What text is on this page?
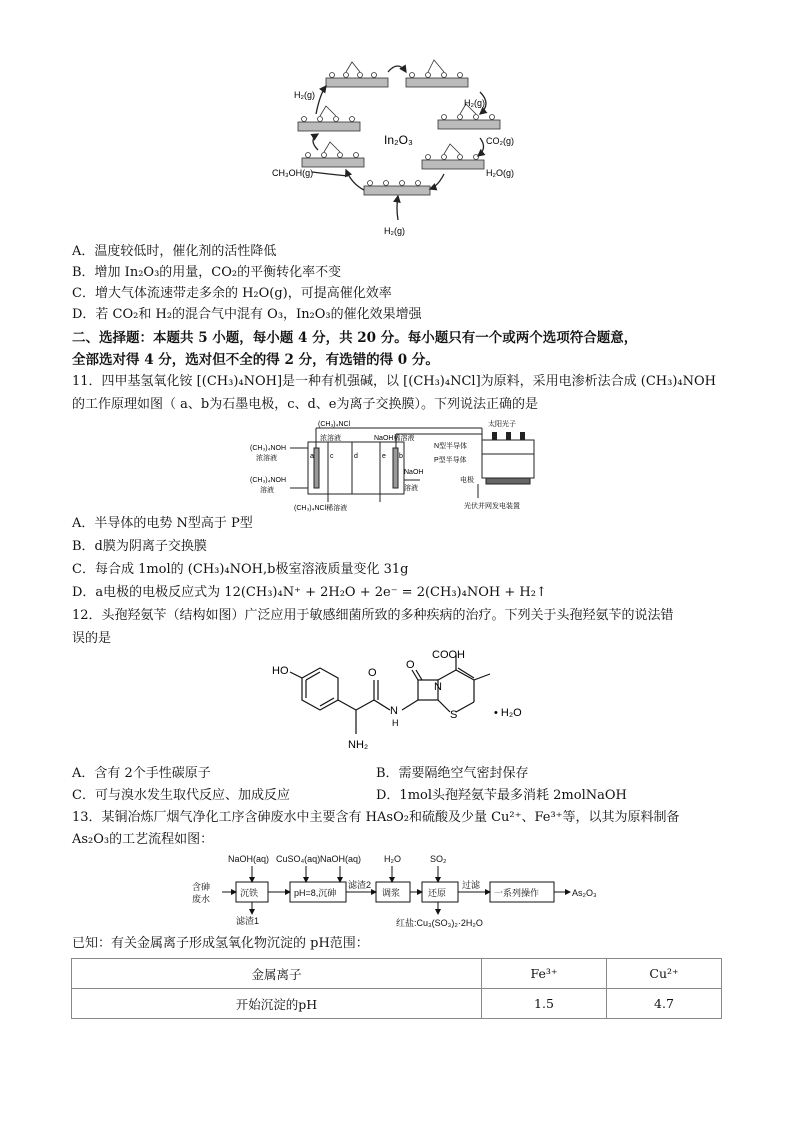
In₂O₃
H₂(g)
H₂(g)
CO₂(g)
CH₃OH(g)	H₂O(g)
H₂(g)
A．温度较低时，催化剂的活性降低
B．增加 In₂O₃的用量，CO₂的平衡转化率不变
C．增大气体流速带走多余的 H₂O(g)，可提高催化效率
D．若 CO₂和 H₂的混合气中混有 O₃，In₂O₃的催化效果增强
二、选择题：本题共 5 小题，每小题 4 分，共 20 分。每小题只有一个或两个选项符合题意，
全部选对得 4 分，选对但不全的得 2 分，有选错的得 0 分。
11．四甲基氢氧化铵 [(CH₃)₄NOH]是一种有机强碱，以 [(CH₃)₄NCl]为原料，采用电渗析法合成 (CH₃)₄NOH
的工作原理如图（ a、b为石墨电极，c、d、e为离子交换膜）。下列说法正确的是
(CH₃)₄NCl
浓溶液	NaOH稀溶液
太阳光子
N型半导体
P型半导体
电极
光伏并网发电装置
(CH₃)₄NOH
浓溶液
(CH₃)₄NOH
溶液
NaOH
溶液
(CH₃)₄NCl稀溶液
a	b
c	d	e
A．半导体的电势 N型高于 P型
B．d膜为阴离子交换膜
C．每合成 1mol的 (CH₃)₄NOH,b极室溶液质量变化 31g
D．a电极的电极反应式为 12(CH₃)₄N⁺ + 2H₂O + 2e⁻ = 2(CH₃)₄NOH + H₂↑
12．头孢羟氨苄（结构如图）广泛应用于敏感细菌所致的多种疾病的治疗。下列关于头孢羟氨苄的说法错
误的是
HO
COOH
O
O
N
N
H
S
NH₂
• H₂O
A．含有 2个手性碳原子	B．需要隔绝空气密封保存
C．可与溴水发生取代反应、加成反应	D．1mol头孢羟氨苄最多消耗 2molNaOH
13．某铜冶炼厂烟气净化工序含砷废水中主要含有 HAsO₂和硫酸及少量 Cu²⁺、Fe³⁺等，以其为原料制备
As₂O₃的工艺流程如图：
含砷
废水
NaOH(aq) CuSO₄(aq) NaOH(aq)	H₂O	SO₂
沉铁	pH=8,沉砷	调浆	还原	一系列操作
滤渣1
滤渣2	过滤
红盐:Cu₃(SO₃)₂·2H₂O
As₂O₃
已知：有关金属离子形成氢氧化物沉淀的 pH范围：
金属离子	Fe³⁺	Cu²⁺
开始沉淀的pH	1.5	4.7
